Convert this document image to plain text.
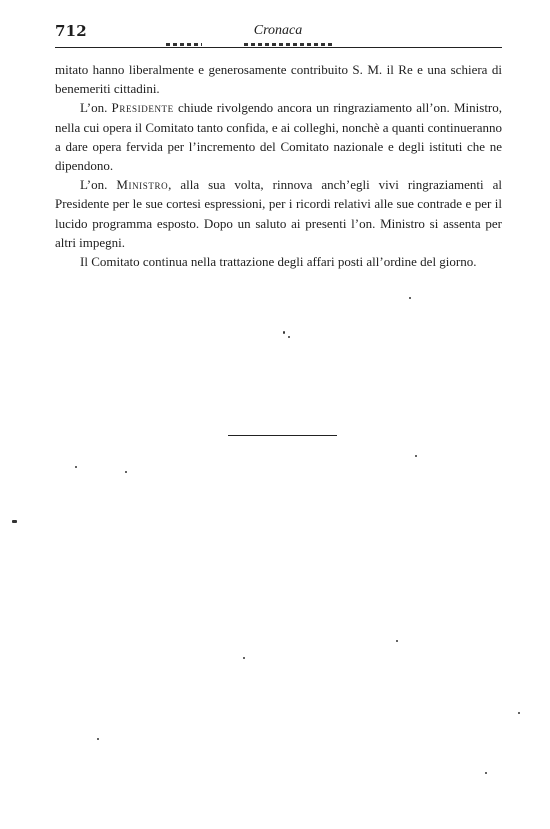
712	Cronaca

mitato hanno liberalmente e generosamente contribuito S. M. il Re e una schiera di benemeriti cittadini.

L’on. Presidente chiude rivolgendo ancora un ringraziamento all’on. Ministro, nella cui opera il Comitato tanto confida, e ai colleghi, nonchè a quanti continueranno a dare opera fervida per l’incremento del Comitato nazionale e degli istituti che ne dipendono.

L’on. Ministro, alla sua volta, rinnova anch’egli vivi ringraziamenti al Presidente per le sue cortesi espressioni, per i ricordi relativi alle sue contrade e per il lucido programma esposto. Dopo un saluto ai presenti l’on. Ministro si assenta per altri impegni.

Il Comitato continua nella trattazione degli affari posti all’ordine del giorno.
